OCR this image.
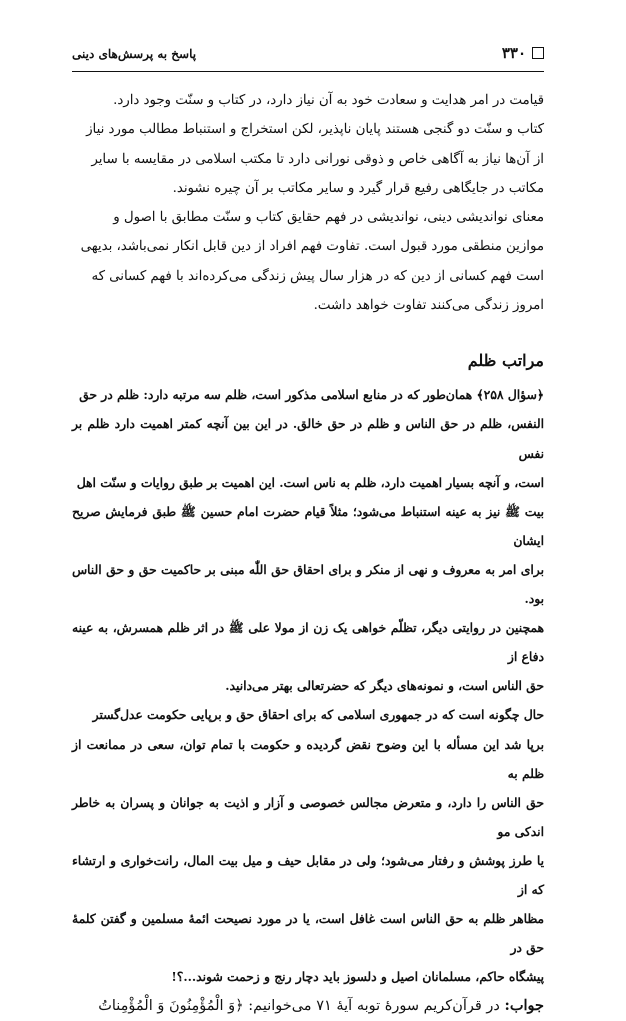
۳۳۰
پاسخ به پرسش‌های دینی

قیامت در امر هدایت و سعادت خود به آن نیاز دارد، در کتاب و سنّت وجود دارد.
کتاب و سنّت دو گنجی هستند پایان ناپذیر، لکن استخراج و استنباط مطالب مورد نیاز
از آن‌ها نیاز به آگاهی خاص و ذوقی نورانی دارد تا مکتب اسلامی در مقایسه با سایر
مکاتب در جایگاهی رفیع قرار گیرد و سایر مکاتب بر آن چیره نشوند.
معنای نواندیشی دینی، نواندیشی در فهم حقایق کتاب و سنّت مطابق با اصول و
موازین منطقی مورد قبول است. تفاوت فهم افراد از دین قابل انکار نمی‌باشد، بدیهی
است فهم کسانی از دین که در هزار سال پیش زندگی می‌کرده‌اند با فهم کسانی که
امروز زندگی می‌کنند تفاوت خواهد داشت.

مراتب ظلم

﴿سؤال ۲۵۸﴾ همان‌طور که در منابع اسلامی مذکور است، ظلم سه مرتبه دارد: ظلم در حق
النفس، ظلم در حق الناس و ظلم در حق خالق. در این بین آنچه کمتر اهمیت دارد ظلم بر نفس
است، و آنچه بسیار اهمیت دارد، ظلم به ناس است. این اهمیت بر طبق روایات و سنّت اهل
بیت ﷺ نیز به عینه استنباط می‌شود؛ مثلاً قیام حضرت امام حسین ﷺ طبق فرمایش صریح ایشان
برای امر به معروف و نهی از منکر و برای احقاق حق اللّٰه مبنی بر حاکمیت حق و حق الناس بود.
همچنین در روایتی دیگر، تظلّم خواهی یک زن از مولا علی ﷺ در اثر ظلم همسرش، به عینه دفاع از
حق الناس است، و نمونه‌های دیگر که حضرتعالی بهتر می‌دانید.
حال چگونه است که در جمهوری اسلامی که برای احقاق حق و برپایی حکومت عدل‌گستر
برپا شد این مسأله با این وضوح نقض گردیده و حکومت با تمام توان، سعی در ممانعت از ظلم به
حق الناس را دارد، و متعرض مجالس خصوصی و آزار و اذیت به جوانان و پسران به خاطر اندکی مو
یا طرز پوشش و رفتار می‌شود؛ ولی در مقابل حیف و میل بیت المال، رانت‌خواری و ارتشاء که از
مظاهر ظلم به حق الناس است غافل است، یا در مورد نصیحت ائمهٔ مسلمین و گفتن کلمهٔ حق در
پیشگاه حاکم، مسلمانان اصیل و دلسوز باید دچار رنج و زحمت شوند...؟!

جواب: در قرآن‌کریم سورهٔ توبه آیهٔ ۷۱ می‌خوانیم: ﴿وَ الْمُؤْمِنُونَ وَ الْمُؤْمِناتُ
